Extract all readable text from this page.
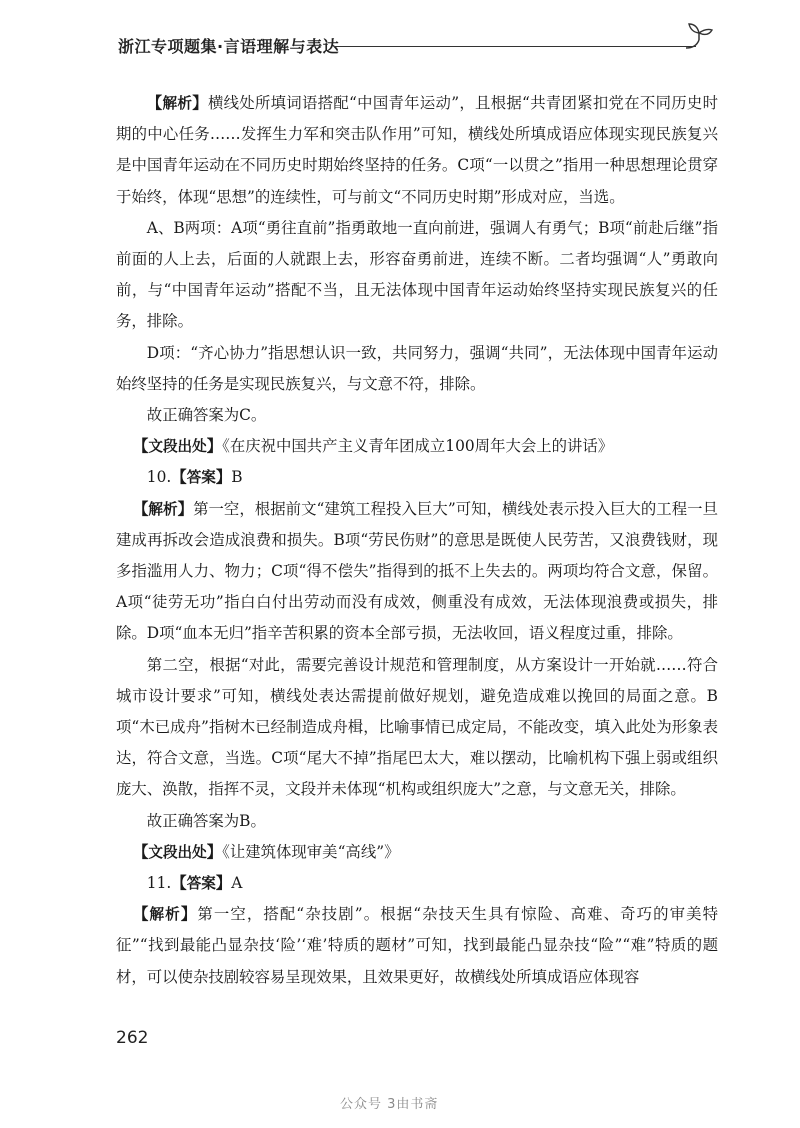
浙江专项题集·言语理解与表达

【解析】横线处所填词语搭配“中国青年运动”，且根据“共青团紧扣党在不同历史时期的中心任务……发挥生力军和突击队作用”可知，横线处所填成语应体现实现民族复兴是中国青年运动在不同历史时期始终坚持的任务。C项“一以贯之”指用一种思想理论贯穿于始终，体现“思想”的连续性，可与前文“不同历史时期”形成对应，当选。

A、B两项：A项“勇往直前”指勇敢地一直向前进，强调人有勇气；B项“前赴后继”指前面的人上去，后面的人就跟上去，形容奋勇前进，连续不断。二者均强调“人”勇敢向前，与“中国青年运动”搭配不当，且无法体现中国青年运动始终坚持实现民族复兴的任务，排除。

D项：“齐心协力”指思想认识一致，共同努力，强调“共同”，无法体现中国青年运动始终坚持的任务是实现民族复兴，与文意不符，排除。

故正确答案为C。

【文段出处】《在庆祝中国共产主义青年团成立100周年大会上的讲话》

10.【答案】B

【解析】第一空，根据前文“建筑工程投入巨大”可知，横线处表示投入巨大的工程一旦建成再拆改会造成浪费和损失。B项“劳民伤财”的意思是既使人民劳苦，又浪费钱财，现多指滥用人力、物力；C项“得不偿失”指得到的抵不上失去的。两项均符合文意，保留。A项“徒劳无功”指白白付出劳动而没有成效，侧重没有成效，无法体现浪费或损失，排除。D项“血本无归”指辛苦积累的资本全部亏损，无法收回，语义程度过重，排除。

第二空，根据“对此，需要完善设计规范和管理制度，从方案设计一开始就……符合城市设计要求”可知，横线处表达需提前做好规划，避免造成难以挽回的局面之意。B项“木已成舟”指树木已经制造成舟楫，比喻事情已成定局，不能改变，填入此处为形象表达，符合文意，当选。C项“尾大不掉”指尾巴太大，难以摆动，比喻机构下强上弱或组织庞大、涣散，指挥不灵，文段并未体现“机构或组织庞大”之意，与文意无关，排除。

故正确答案为B。

【文段出处】《让建筑体现审美“高线”》

11.【答案】A

【解析】第一空，搭配“杂技剧”。根据“杂技天生具有惊险、高难、奇巧的审美特征”“找到最能凸显杂技‘险’‘难’特质的题材”可知，找到最能凸显杂技“险”“难”特质的题材，可以使杂技剧较容易呈现效果，且效果更好，故横线处所填成语应体现容

262
公众号 3由书斋
